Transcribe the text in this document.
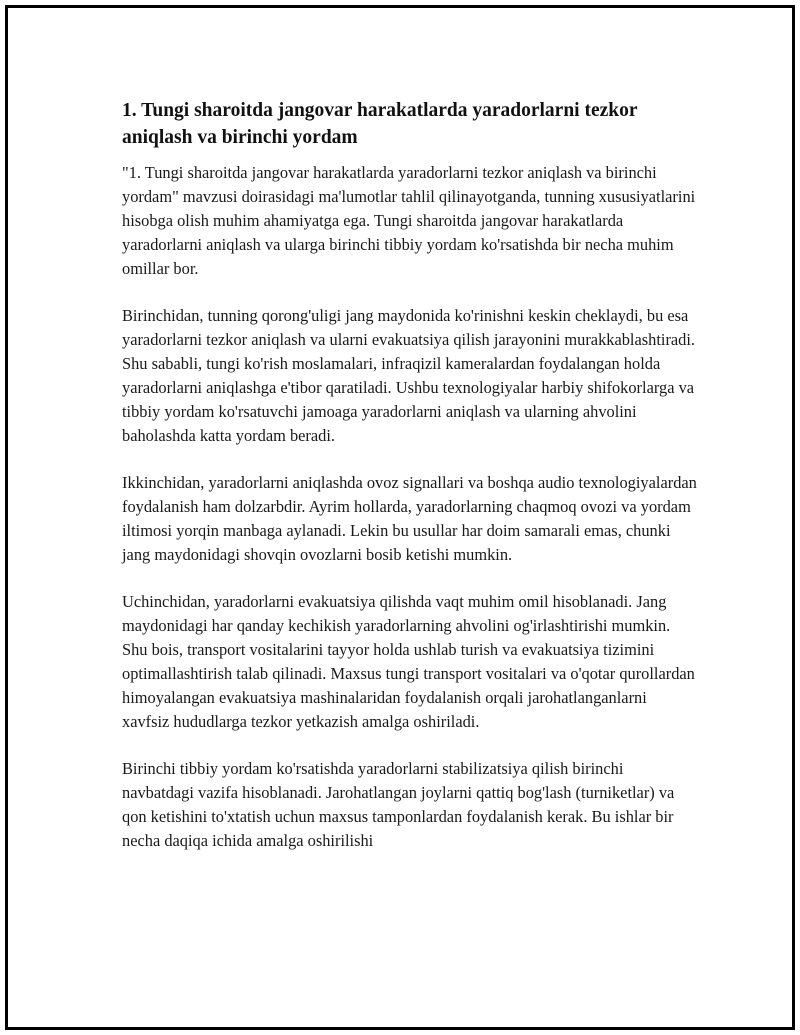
1. Tungi sharoitda jangovar harakatlarda yaradorlarni tezkor aniqlash va birinchi yordam

"1. Tungi sharoitda jangovar harakatlarda yaradorlarni tezkor aniqlash va birinchi yordam" mavzusi doirasidagi ma'lumotlar tahlil qilinayotganda, tunning xususiyatlarini hisobga olish muhim ahamiyatga ega. Tungi sharoitda jangovar harakatlarda yaradorlarni aniqlash va ularga birinchi tibbiy yordam ko'rsatishda bir necha muhim omillar bor.

Birinchidan, tunning qorong'uligi jang maydonida ko'rinishni keskin cheklaydi, bu esa yaradorlarni tezkor aniqlash va ularni evakuatsiya qilish jarayonini murakkablashtiradi. Shu sababli, tungi ko'rish moslamalari, infraqizil kameralardan foydalangan holda yaradorlarni aniqlashga e'tibor qaratiladi. Ushbu texnologiyalar harbiy shifokorlarga va tibbiy yordam ko'rsatuvchi jamoaga yaradorlarni aniqlash va ularning ahvolini baholashda katta yordam beradi.

Ikkinchidan, yaradorlarni aniqlashda ovoz signallari va boshqa audio texnologiyalardan foydalanish ham dolzarbdir. Ayrim hollarda, yaradorlarning chaqmoq ovozi va yordam iltimosi yorqin manbaga aylanadi. Lekin bu usullar har doim samarali emas, chunki jang maydonidagi shovqin ovozlarni bosib ketishi mumkin.

Uchinchidan, yaradorlarni evakuatsiya qilishda vaqt muhim omil hisoblanadi. Jang maydonidagi har qanday kechikish yaradorlarning ahvolini og'irlashtirishi mumkin. Shu bois, transport vositalarini tayyor holda ushlab turish va evakuatsiya tizimini optimallashtirish talab qilinadi. Maxsus tungi transport vositalari va o'qotar qurollardan himoyalangan evakuatsiya mashinalaridan foydalanish orqali jarohatlanganlarni xavfsiz hududlarga tezkor yetkazish amalga oshiriladi.

Birinchi tibbiy yordam ko'rsatishda yaradorlarni stabilizatsiya qilish birinchi navbatdagi vazifa hisoblanadi. Jarohatlangan joylarni qattiq bog'lash (turniketlar) va qon ketishini to'xtatish uchun maxsus tamponlardan foydalanish kerak. Bu ishlar bir necha daqiqa ichida amalga oshirilishi
